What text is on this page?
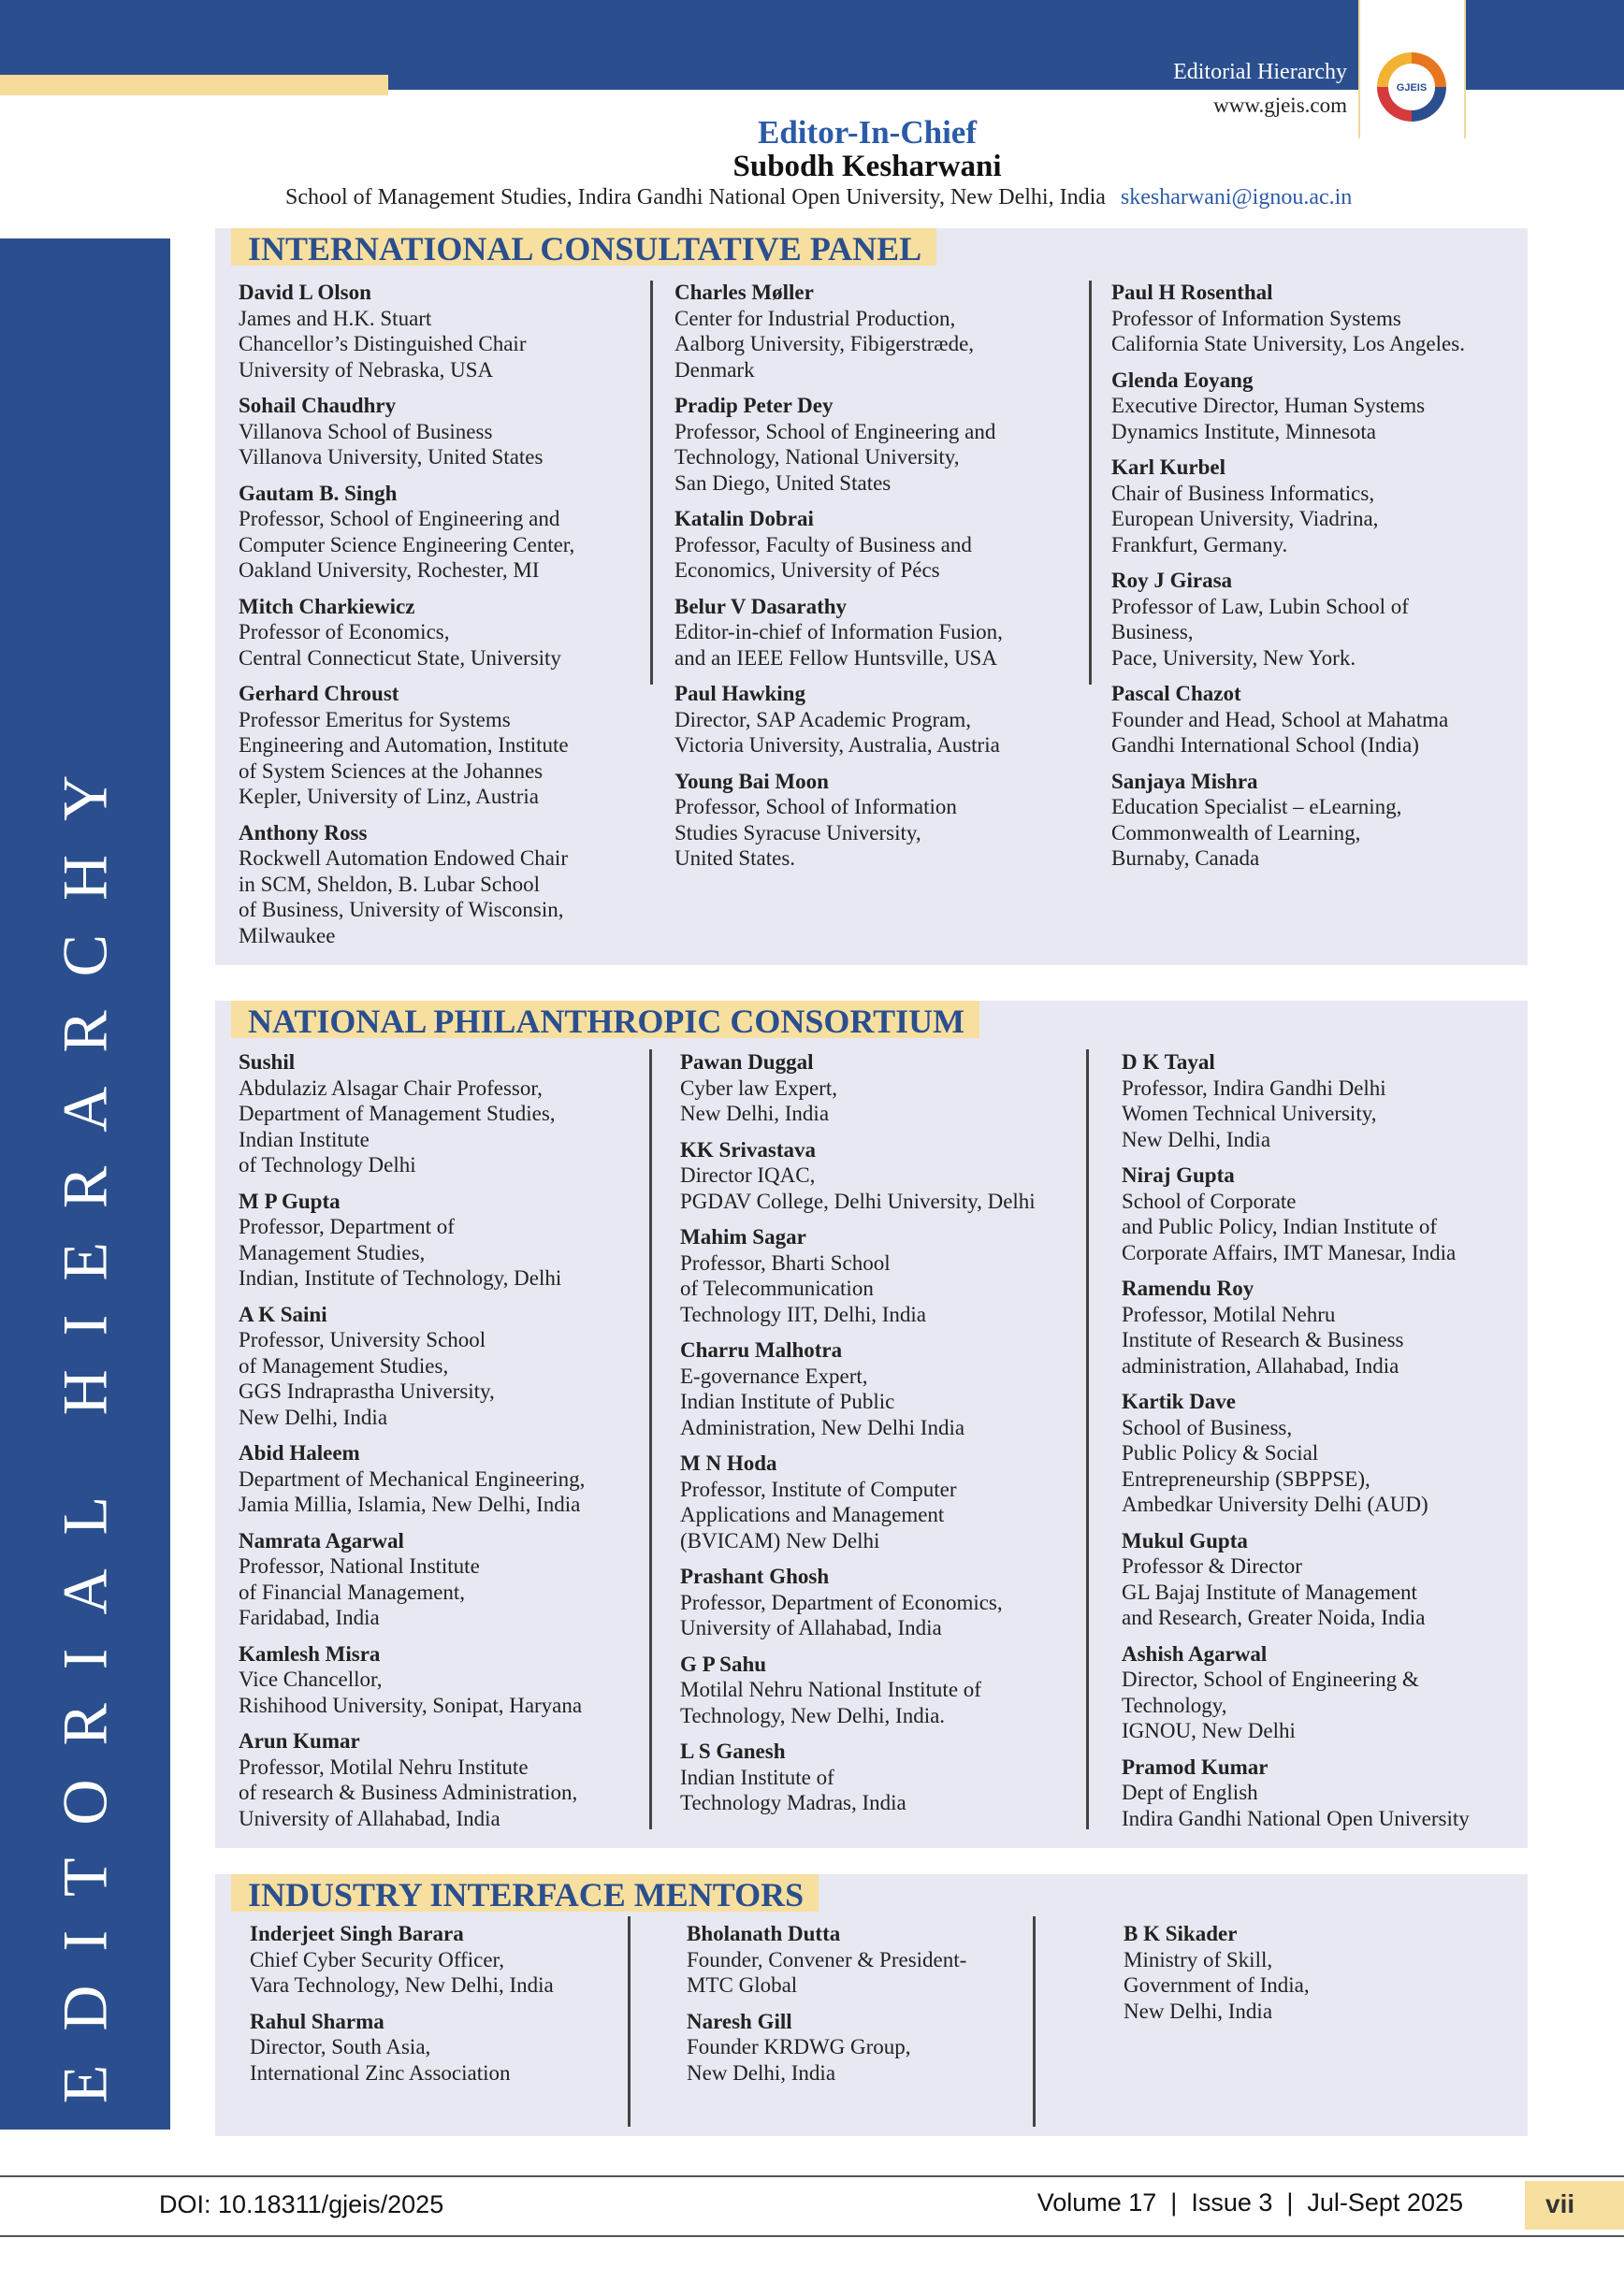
GJEIS
Editorial Hierarchy
www.gjeis.com
Editor-In-Chief
Subodh Kesharwani
School of Management Studies, Indira Gandhi National Open University, New Delhi, India skesharwani@ignou.ac.in
EDITORIAL HIERARCHY
INTERNATIONAL CONSULTATIVE PANEL
David L Olson
James and H.K. Stuart
Chancellor’s Distinguished Chair
University of Nebraska, USA
Sohail Chaudhry
Villanova School of Business
Villanova University, United States
Gautam B. Singh
Professor, School of Engineering and
Computer Science Engineering Center,
Oakland University, Rochester, MI
Mitch Charkiewicz
Professor of Economics,
Central Connecticut State, University
Gerhard Chroust
Professor Emeritus for Systems
Engineering and Automation, Institute
of System Sciences at the Johannes
Kepler, University of Linz, Austria
Anthony Ross
Rockwell Automation Endowed Chair
in SCM, Sheldon, B. Lubar School
of Business, University of Wisconsin,
Milwaukee
Charles Møller
Center for Industrial Production,
Aalborg University, Fibigerstræde,
Denmark
Pradip Peter Dey
Professor, School of Engineering and
Technology, National University,
San Diego, United States
Katalin Dobrai
Professor, Faculty of Business and
Economics, University of Pécs
Belur V Dasarathy
Editor-in-chief of Information Fusion,
and an IEEE Fellow Huntsville, USA
Paul Hawking
Director, SAP Academic Program,
Victoria University, Australia, Austria
Young Bai Moon
Professor, School of Information
Studies Syracuse University,
United States.
Paul H Rosenthal
Professor of Information Systems
California State University, Los Angeles.
Glenda Eoyang
Executive Director, Human Systems
Dynamics Institute, Minnesota
Karl Kurbel
Chair of Business Informatics,
European University, Viadrina,
Frankfurt, Germany.
Roy J Girasa
Professor of Law, Lubin School of
Business,
Pace, University, New York.
Pascal Chazot
Founder and Head, School at Mahatma
Gandhi International School (India)
Sanjaya Mishra
Education Specialist – eLearning,
Commonwealth of Learning,
Burnaby, Canada
NATIONAL PHILANTHROPIC CONSORTIUM
Sushil
Abdulaziz Alsagar Chair Professor,
Department of Management Studies,
Indian Institute
of Technology Delhi
M P Gupta
Professor, Department of
Management Studies,
Indian, Institute of Technology, Delhi
A K Saini
Professor, University School
of Management Studies,
GGS Indraprastha University,
New Delhi, India
Abid Haleem
Department of Mechanical Engineering,
Jamia Millia, Islamia, New Delhi, India
Namrata Agarwal
Professor, National Institute
of Financial Management,
Faridabad, India
Kamlesh Misra
Vice Chancellor,
Rishihood University, Sonipat, Haryana
Arun Kumar
Professor, Motilal Nehru Institute
of research & Business Administration,
University of Allahabad, India
Pawan Duggal
Cyber law Expert,
New Delhi, India
KK Srivastava
Director IQAC,
PGDAV College, Delhi University, Delhi
Mahim Sagar
Professor, Bharti School
of Telecommunication
Technology IIT, Delhi, India
Charru Malhotra
E-governance Expert,
Indian Institute of Public
Administration, New Delhi India
M N Hoda
Professor, Institute of Computer
Applications and Management
(BVICAM) New Delhi
Prashant Ghosh
Professor, Department of Economics,
University of Allahabad, India
G P Sahu
Motilal Nehru National Institute of
Technology, New Delhi, India.
L S Ganesh
Indian Institute of
Technology Madras, India
D K Tayal
Professor, Indira Gandhi Delhi
Women Technical University,
New Delhi, India
Niraj Gupta
School of Corporate
and Public Policy, Indian Institute of
Corporate Affairs, IMT Manesar, India
Ramendu Roy
Professor, Motilal Nehru
Institute of Research & Business
administration, Allahabad, India
Kartik Dave
School of Business,
Public Policy & Social
Entrepreneurship (SBPPSE),
Ambedkar University Delhi (AUD)
Mukul Gupta
Professor & Director
GL Bajaj Institute of Management
and Research, Greater Noida, India
Ashish Agarwal
Director, School of Engineering &
Technology,
IGNOU, New Delhi
Pramod Kumar
Dept of English
Indira Gandhi National Open University
INDUSTRY INTERFACE MENTORS
Inderjeet Singh Barara
Chief Cyber Security Officer,
Vara Technology, New Delhi, India
Rahul Sharma
Director, South Asia,
International Zinc Association
Bholanath Dutta
Founder, Convener & President-
MTC Global
Naresh Gill
Founder KRDWG Group,
New Delhi, India
B K Sikader
Ministry of Skill,
Government of India,
New Delhi, India
DOI: 10.18311/gjeis/2025	Volume 17  |  Issue 3  |  Jul-Sept 2025	vii
